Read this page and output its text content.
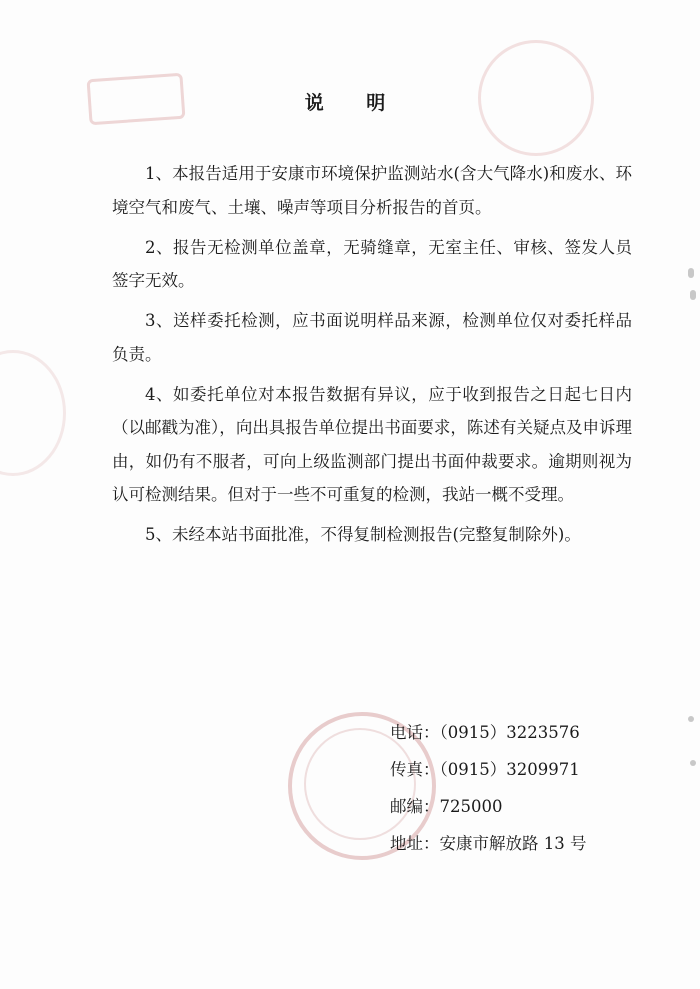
说 明

1、本报告适用于安康市环境保护监测站水(含大气降水)和废水、环境空气和废气、土壤、噪声等项目分析报告的首页。

2、报告无检测单位盖章，无骑缝章，无室主任、审核、签发人员签字无效。

3、送样委托检测，应书面说明样品来源，检测单位仅对委托样品负责。

4、如委托单位对本报告数据有异议，应于收到报告之日起七日内（以邮戳为准），向出具报告单位提出书面要求，陈述有关疑点及申诉理由，如仍有不服者，可向上级监测部门提出书面仲裁要求。逾期则视为认可检测结果。但对于一些不可重复的检测，我站一概不受理。

5、未经本站书面批准，不得复制检测报告(完整复制除外)。

电话：（0915）3223576
传真：（0915）3209971
邮编：725000
地址：安康市解放路 13 号
